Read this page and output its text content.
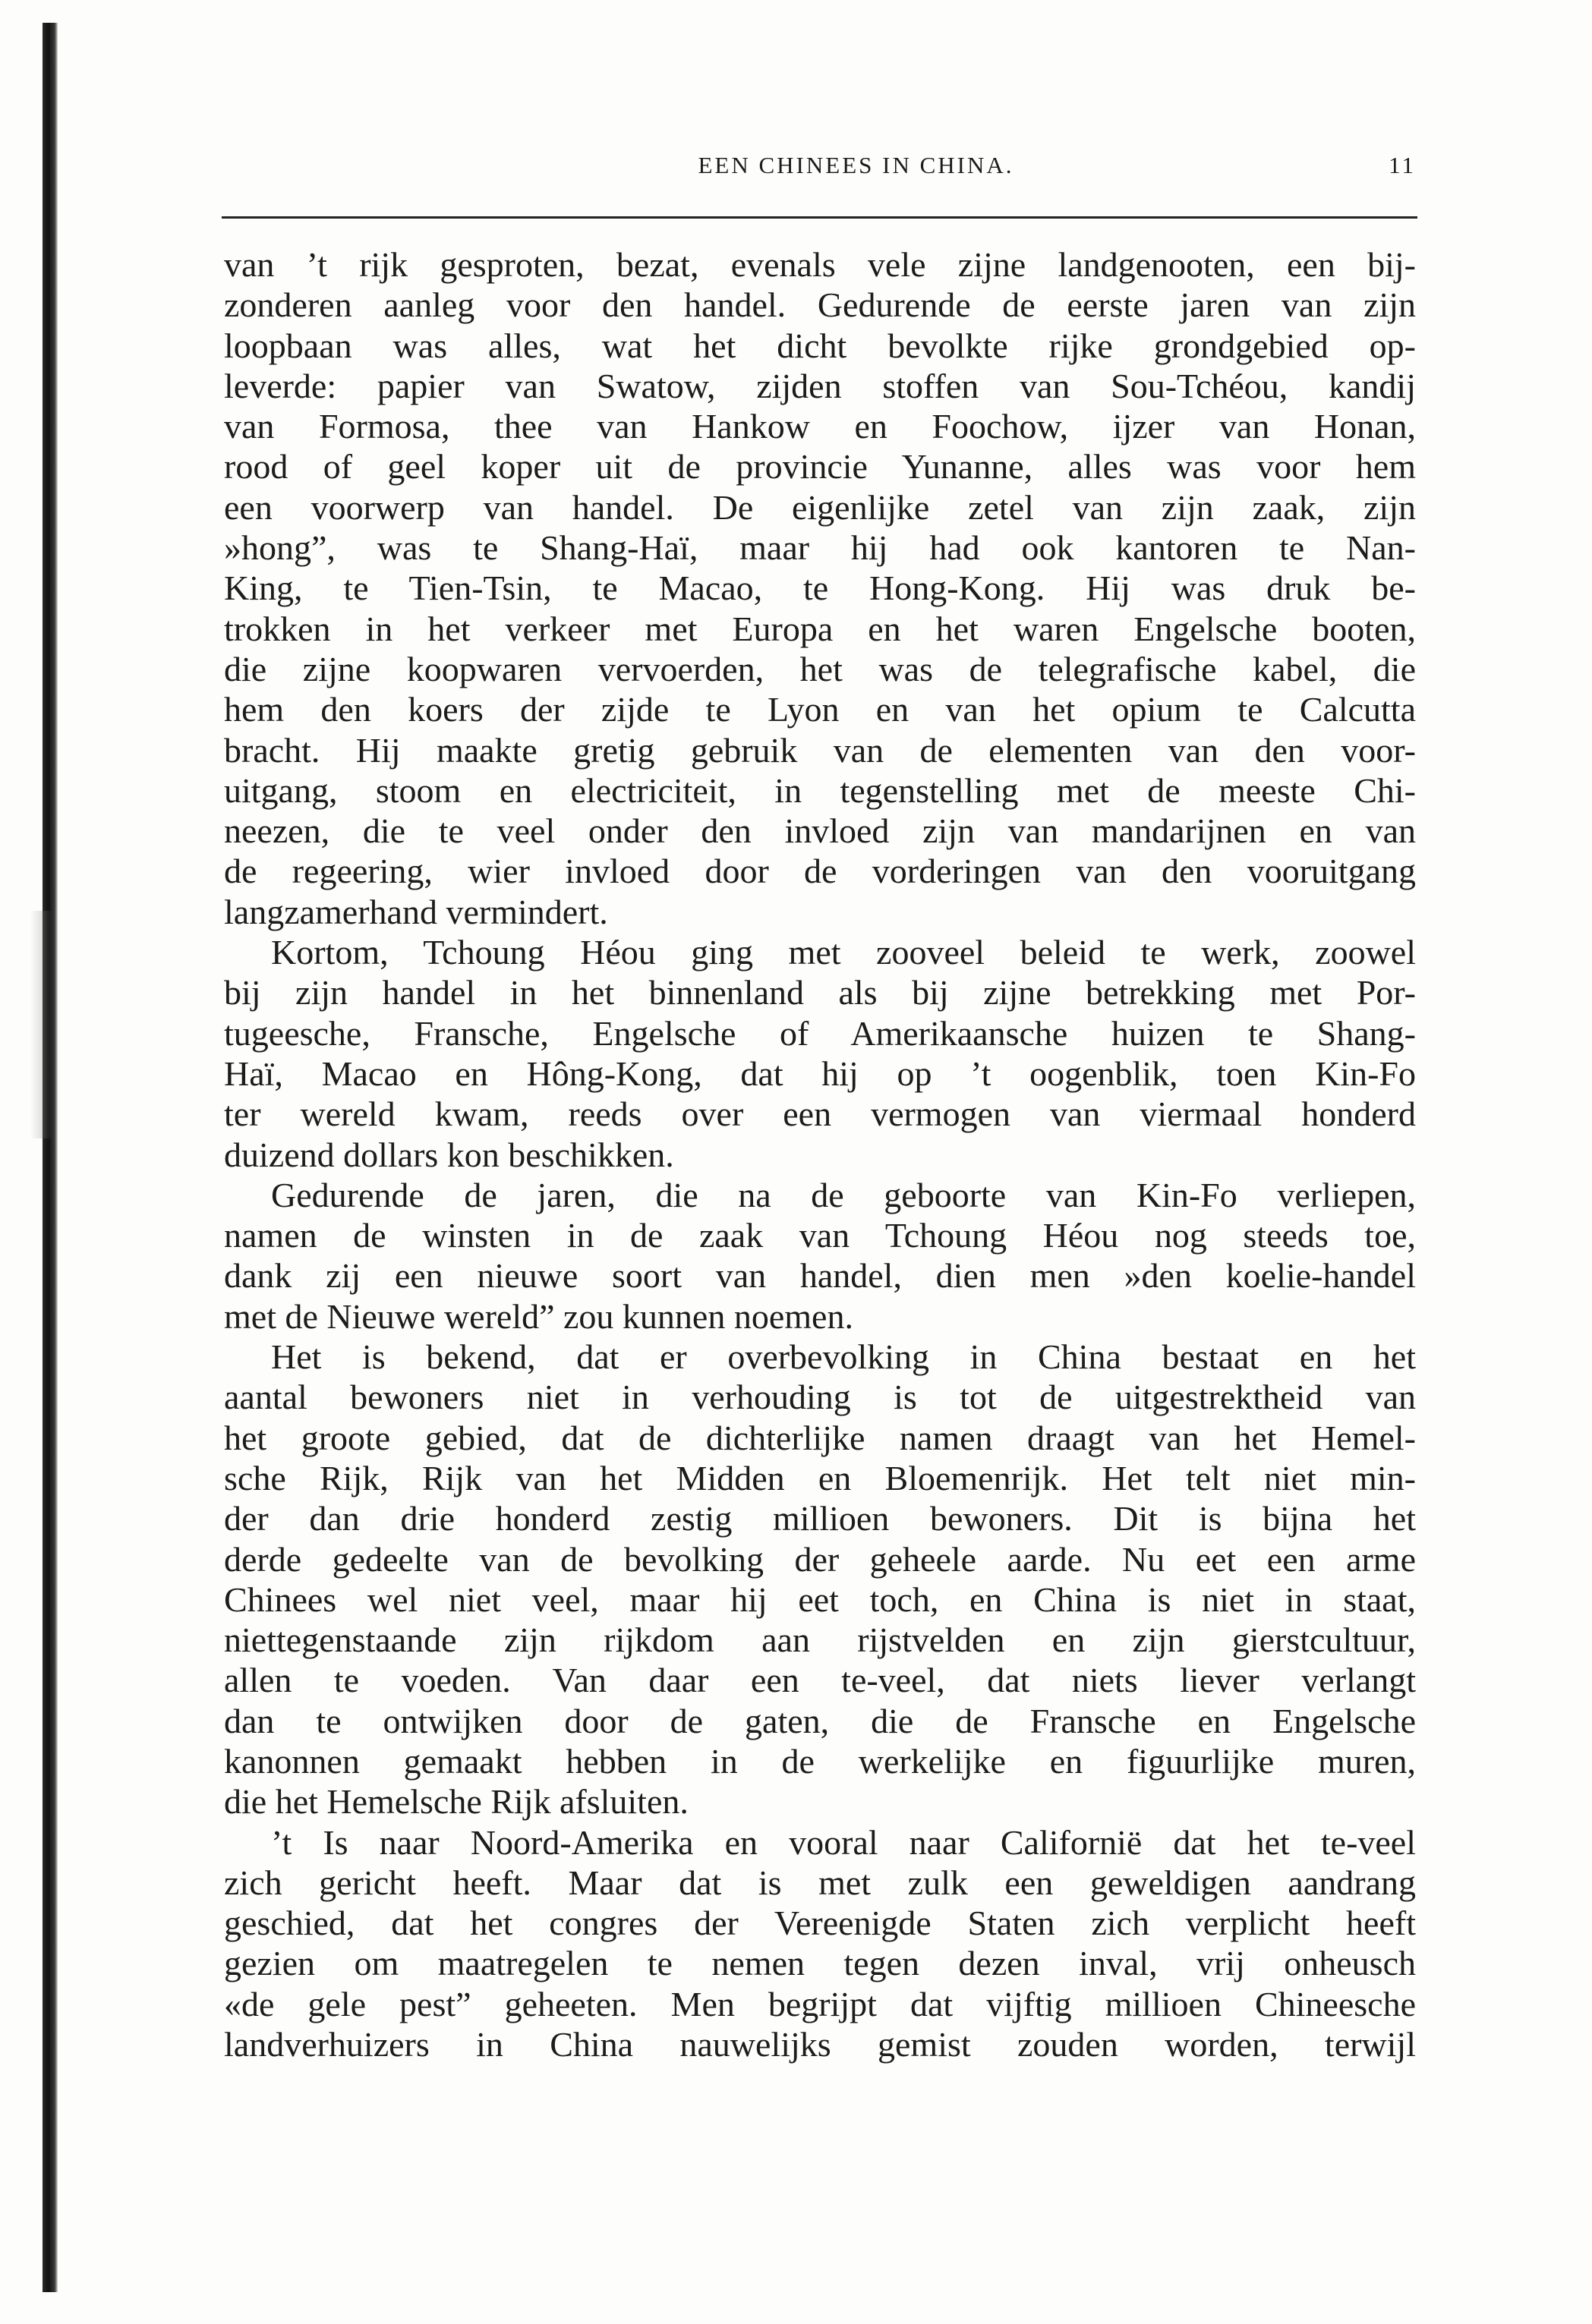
EEN CHINEES IN CHINA.	11
van ’t rijk gesproten, bezat, evenals vele zijne landgenooten, een bij-
zonderen aanleg voor den handel. Gedurende de eerste jaren van zijn
loopbaan was alles, wat het dicht bevolkte rijke grondgebied op-
leverde: papier van Swatow, zijden stoffen van Sou-Tchéou, kandij
van Formosa, thee van Hankow en Foochow, ijzer van Honan,
rood of geel koper uit de provincie Yunanne, alles was voor hem
een voorwerp van handel. De eigenlijke zetel van zijn zaak, zijn
»hong”, was te Shang-Haï, maar hij had ook kantoren te Nan-
King, te Tien-Tsin, te Macao, te Hong-Kong. Hij was druk be-
trokken in het verkeer met Europa en het waren Engelsche booten,
die zijne koopwaren vervoerden, het was de telegrafische kabel, die
hem den koers der zijde te Lyon en van het opium te Calcutta
bracht. Hij maakte gretig gebruik van de elementen van den voor-
uitgang, stoom en electriciteit, in tegenstelling met de meeste Chi-
neezen, die te veel onder den invloed zijn van mandarijnen en van
de regeering, wier invloed door de vorderingen van den vooruitgang
langzamerhand vermindert.
Kortom, Tchoung Héou ging met zooveel beleid te werk, zoowel
bij zijn handel in het binnenland als bij zijne betrekking met Por-
tugeesche, Fransche, Engelsche of Amerikaansche huizen te Shang-
Haï, Macao en Hông-Kong, dat hij op ’t oogenblik, toen Kin-Fo
ter wereld kwam, reeds over een vermogen van viermaal honderd
duizend dollars kon beschikken.
Gedurende de jaren, die na de geboorte van Kin-Fo verliepen,
namen de winsten in de zaak van Tchoung Héou nog steeds toe,
dank zij een nieuwe soort van handel, dien men »den koelie-handel
met de Nieuwe wereld” zou kunnen noemen.
Het is bekend, dat er overbevolking in China bestaat en het
aantal bewoners niet in verhouding is tot de uitgestrektheid van
het groote gebied, dat de dichterlijke namen draagt van het Hemel-
sche Rijk, Rijk van het Midden en Bloemenrijk. Het telt niet min-
der dan drie honderd zestig millioen bewoners. Dit is bijna het
derde gedeelte van de bevolking der geheele aarde. Nu eet een arme
Chinees wel niet veel, maar hij eet toch, en China is niet in staat,
niettegenstaande zijn rijkdom aan rijstvelden en zijn gierstcultuur,
allen te voeden. Van daar een te-veel, dat niets liever verlangt
dan te ontwijken door de gaten, die de Fransche en Engelsche
kanonnen gemaakt hebben in de werkelijke en figuurlijke muren,
die het Hemelsche Rijk afsluiten.
’t Is naar Noord-Amerika en vooral naar Californië dat het te-veel
zich gericht heeft. Maar dat is met zulk een geweldigen aandrang
geschied, dat het congres der Vereenigde Staten zich verplicht heeft
gezien om maatregelen te nemen tegen dezen inval, vrij onheusch
«de gele pest” geheeten. Men begrijpt dat vijftig millioen Chineesche
landverhuizers in China nauwelijks gemist zouden worden, terwijl
